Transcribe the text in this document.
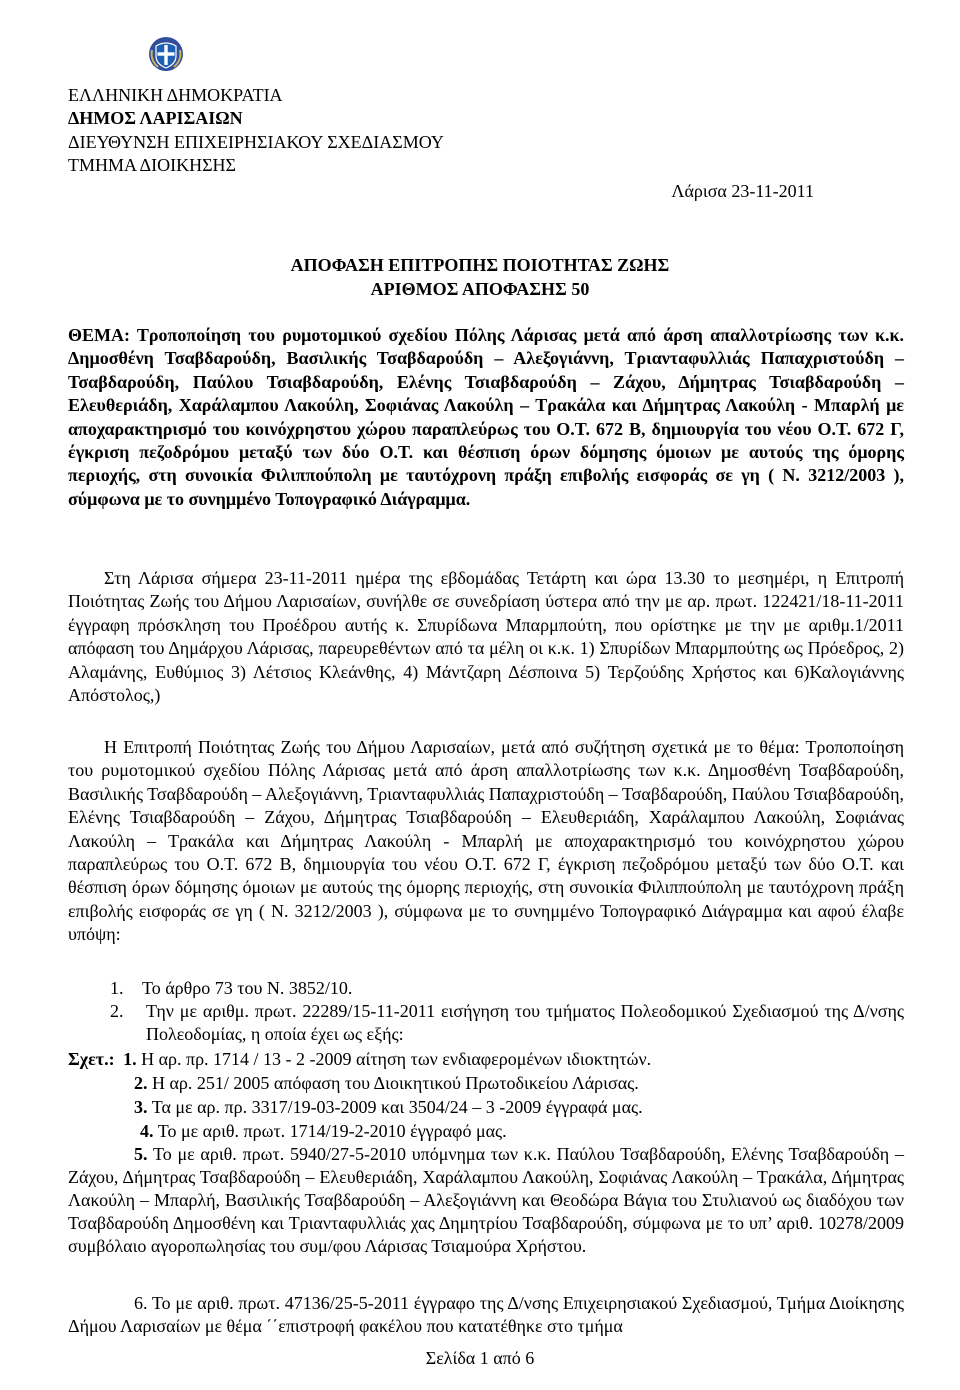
ΕΛΛΗΝΙΚΗ ΔΗΜΟΚΡΑΤΙΑ

ΔΗΜΟΣ ΛΑΡΙΣΑΙΩΝ

ΔΙΕΥΘΥΝΣΗ ΕΠΙΧΕΙΡΗΣΙΑΚΟΥ ΣΧΕΔΙΑΣΜΟΥ

ΤΜΗΜΑ ΔΙΟΙΚΗΣΗΣ

Λάρισα 23-11-2011

ΑΠΟΦΑΣΗ ΕΠΙΤΡΟΠΗΣ ΠΟΙΟΤΗΤΑΣ ΖΩΗΣ

ΑΡΙΘΜΟΣ ΑΠΟΦΑΣΗΣ 50

ΘΕΜΑ: Τροποποίηση του ρυμοτομικού σχεδίου Πόλης Λάρισας μετά από άρση απαλλοτρίωσης των κ.κ. Δημοσθένη Τσαβδαρούδη, Βασιλικής Τσαβδαρούδη – Αλεξογιάννη, Τριανταφυλλιάς Παπαχριστούδη – Τσαβδαρούδη, Παύλου Τσιαβδαρούδη, Ελένης Τσιαβδαρούδη – Ζάχου, Δήμητρας Τσιαβδαρούδη – Ελευθεριάδη, Χαράλαμπου Λακούλη, Σοφιάνας Λακούλη – Τρακάλα και Δήμητρας Λακούλη - Μπαρλή με αποχαρακτηρισμό του κοινόχρηστου χώρου παραπλεύρως του Ο.Τ. 672 Β, δημιουργία του νέου Ο.Τ. 672 Γ, έγκριση πεζοδρόμου μεταξύ των δύο Ο.Τ. και θέσπιση όρων δόμησης όμοιων με αυτούς της όμορης περιοχής, στη συνοικία Φιλιππούπολη με ταυτόχρονη πράξη επιβολής εισφοράς σε γη ( Ν. 3212/2003 ), σύμφωνα με το συνημμένο Τοπογραφικό Διάγραμμα.

Στη Λάρισα σήμερα 23-11-2011 ημέρα της εβδομάδας Τετάρτη και ώρα 13.30 το μεσημέρι, η Επιτροπή Ποιότητας Ζωής του Δήμου Λαρισαίων, συνήλθε σε συνεδρίαση ύστερα από την με αρ. πρωτ. 122421/18-11-2011 έγγραφη πρόσκληση του Προέδρου αυτής κ. Σπυρίδωνα Μπαρμπούτη, που ορίστηκε με την με αριθμ.1/2011 απόφαση του Δημάρχου Λάρισας, παρευρεθέντων από τα μέλη οι κ.κ. 1) Σπυρίδων Μπαρμπούτης ως Πρόεδρος, 2) Αλαμάνης, Ευθύμιος 3) Λέτσιος Κλεάνθης, 4) Μάντζαρη Δέσποινα 5) Τερζούδης Χρήστος και 6)Καλογιάννης Απόστολος,)

Η Επιτροπή Ποιότητας Ζωής του Δήμου Λαρισαίων, μετά από συζήτηση σχετικά με το θέμα: Τροποποίηση του ρυμοτομικού σχεδίου Πόλης Λάρισας μετά από άρση απαλλοτρίωσης των κ.κ. Δημοσθένη Τσαβδαρούδη, Βασιλικής Τσαβδαρούδη – Αλεξογιάννη, Τριανταφυλλιάς Παπαχριστούδη – Τσαβδαρούδη, Παύλου Τσιαβδαρούδη, Ελένης Τσιαβδαρούδη – Ζάχου, Δήμητρας Τσιαβδαρούδη – Ελευθεριάδη, Χαράλαμπου Λακούλη, Σοφιάνας Λακούλη – Τρακάλα και Δήμητρας Λακούλη - Μπαρλή με αποχαρακτηρισμό του κοινόχρηστου χώρου παραπλεύρως του Ο.Τ. 672 Β, δημιουργία του νέου Ο.Τ. 672 Γ, έγκριση πεζοδρόμου μεταξύ των δύο Ο.Τ. και θέσπιση όρων δόμησης όμοιων με αυτούς της όμορης περιοχής, στη συνοικία Φιλιππούπολη με ταυτόχρονη πράξη επιβολής εισφοράς σε γη ( Ν. 3212/2003 ), σύμφωνα με το συνημμένο Τοπογραφικό Διάγραμμα και αφού έλαβε υπόψη:

1. Το άρθρο 73 του Ν. 3852/10.

2. Την με αριθμ. πρωτ. 22289/15-11-2011 εισήγηση του τμήματος Πολεοδομικού Σχεδιασμού της Δ/νσης Πολεοδομίας, η οποία έχει ως εξής:

Σχετ.: 1. Η αρ. πρ. 1714 / 13 - 2 -2009 αίτηση των ενδιαφερομένων ιδιοκτητών.

2. Η αρ. 251/ 2005 απόφαση του Διοικητικού Πρωτοδικείου Λάρισας.

3. Τα με αρ. πρ. 3317/19-03-2009 και 3504/24 – 3 -2009 έγγραφά μας.

4. Το με αριθ. πρωτ. 1714/19-2-2010 έγγραφό μας.

5. Το με αριθ. πρωτ. 5940/27-5-2010 υπόμνημα των κ.κ. Παύλου Τσαβδαρούδη, Ελένης Τσαβδαρούδη – Ζάχου, Δήμητρας Τσαβδαρούδη – Ελευθεριάδη, Χαράλαμπου Λακούλη, Σοφιάνας Λακούλη – Τρακάλα, Δήμητρας Λακούλη – Μπαρλή, Βασιλικής Τσαβδαρούδη – Αλεξογιάννη και Θεοδώρα Βάγια του Στυλιανού ως διαδόχου των Τσαβδαρούδη Δημοσθένη και Τριανταφυλλιάς χας Δημητρίου Τσαβδαρούδη, σύμφωνα με το υπ’ αριθ. 10278/2009 συμβόλαιο αγοροπωλησίας του συμ/φου Λάρισας Τσιαμούρα Χρήστου.

6. Το με αριθ. πρωτ. 47136/25-5-2011 έγγραφο της Δ/νσης Επιχειρησιακού Σχεδιασμού, Τμήμα Διοίκησης Δήμου Λαρισαίων με θέμα ΄΄επιστροφή φακέλου που κατατέθηκε στο τμήμα

Σελίδα 1 από 6
